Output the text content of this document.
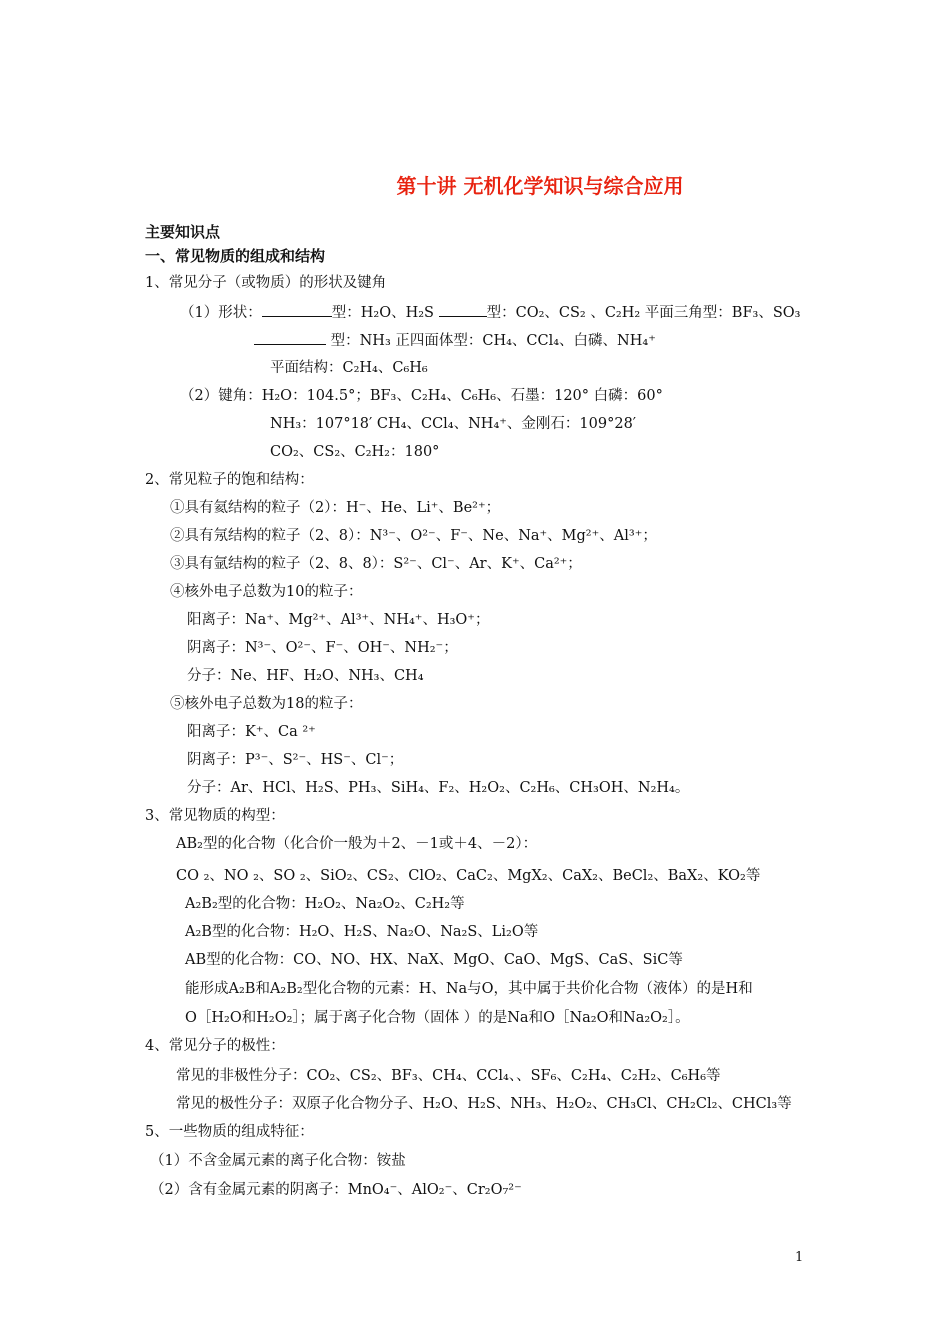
第十讲 无机化学知识与综合应用
主要知识点
一、常见物质的组成和结构
1、常见分子（或物质）的形状及键角
（1）形状：	型：H₂O、H₂S	型：CO₂、CS₂ 、C₂H₂ 平面三角型：BF₃、SO₃
型：NH₃ 正四面体型：CH₄、CCl₄、白磷、NH₄⁺
平面结构：C₂H₄、C₆H₆
（2）键角：H₂O：104.5°；BF₃、C₂H₄、C₆H₆、石墨：120° 白磷：60°
NH₃：107°18′ CH₄、CCl₄、NH₄⁺、金刚石：109°28′
CO₂、CS₂、C₂H₂：180°
2、常见粒子的饱和结构：
①具有氦结构的粒子（2）：H⁻、He、Li⁺、Be²⁺；
②具有氖结构的粒子（2、8）：N³⁻、O²⁻、F⁻、Ne、Na⁺、Mg²⁺、Al³⁺；
③具有氩结构的粒子（2、8、8）：S²⁻、Cl⁻、Ar、K⁺、Ca²⁺；
④核外电子总数为10的粒子：
阳离子：Na⁺、Mg²⁺、Al³⁺、NH₄⁺、H₃O⁺；
阴离子：N³⁻、O²⁻、F⁻、OH⁻、NH₂⁻；
分子：Ne、HF、H₂O、NH₃、CH₄
⑤核外电子总数为18的粒子：
阳离子：K⁺、Ca ²⁺
阴离子：P³⁻、S²⁻、HS⁻、Cl⁻；
分子：Ar、HCl、H₂S、PH₃、SiH₄、F₂、H₂O₂、C₂H₆、CH₃OH、N₂H₄。
3、常见物质的构型：
AB₂型的化合物（化合价一般为＋2、－1或＋4、－2）：
CO ₂、NO ₂、SO ₂、SiO₂、CS₂、ClO₂、CaC₂、MgX₂、CaX₂、BeCl₂、BaX₂、KO₂等
A₂B₂型的化合物：H₂O₂、Na₂O₂、C₂H₂等
A₂B型的化合物：H₂O、H₂S、Na₂O、Na₂S、Li₂O等
AB型的化合物：CO、NO、HX、NaX、MgO、CaO、MgS、CaS、SiC等
能形成A₂B和A₂B₂型化合物的元素：H、Na与O，其中属于共价化合物（液体）的是H和
O［H₂O和H₂O₂］；属于离子化合物（固体 ）的是Na和O［Na₂O和Na₂O₂］。
4、常见分子的极性：
常见的非极性分子：CO₂、CS₂、BF₃、CH₄、CCl₄、、SF₆、C₂H₄、C₂H₂、C₆H₆等
常见的极性分子：双原子化合物分子、H₂O、H₂S、NH₃、H₂O₂、CH₃Cl、CH₂Cl₂、CHCl₃等
5、一些物质的组成特征：
（1）不含金属元素的离子化合物：铵盐
（2）含有金属元素的阴离子：MnO₄⁻、AlO₂⁻、Cr₂O₇²⁻
1
